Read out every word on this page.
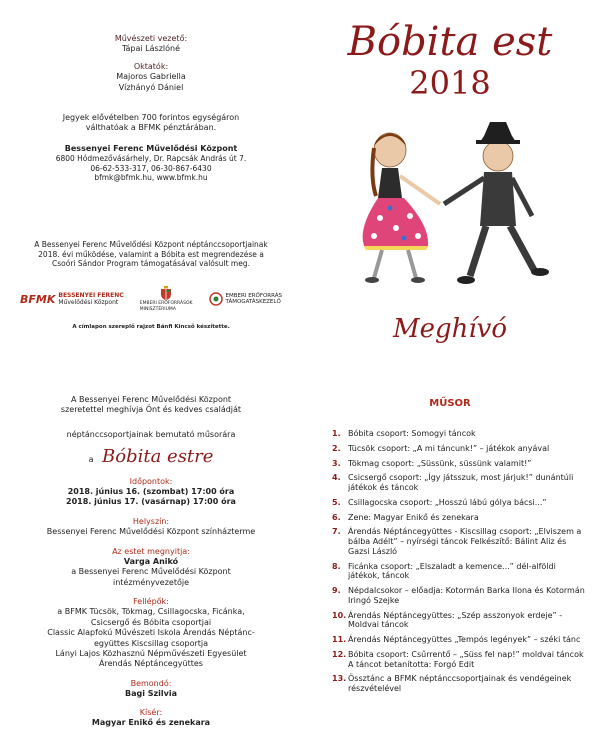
Művészeti vezető:
Tápai Lászlóné
Oktatók:
Majoros Gabriella
Vízhányó Dániel
Jegyek elővételben 700 forintos egységáron
válthatóak a BFMK pénztárában.
Bessenyei Ferenc Művelődési Központ
6800 Hódmezővásárhely, Dr. Rapcsák András út 7.
06-62-533-317, 06-30-867-6430
bfmk@bfmk.hu, www.bfmk.hu
A Bessenyei Ferenc Művelődési Központ néptánccsoportjainak 2018. évi működése, valamint a Bóbita est megrendezése a Csoóri Sándor Program támogatásával valósult meg.
BFMK BESSENYEI FERENC
Művelődési Központ	EMBERI ERŐFORRÁSOK
MINISZTÉRIUMA
EMBERI ERŐFORRÁS
TÁMOGATÁSKEZELŐ
A címlapon szereplő rajzot Bánfi Kincső készítette.
Bóbita est
2018
Meghívó
A Bessenyei Ferenc Művelődési Központ
szeretettel meghívja Önt és kedves családját
néptánccsoportjainak bemutató műsorára
a Bóbita estre
Időpontok:
2018. június 16. (szombat) 17:00 óra
2018. június 17. (vasárnap) 17:00 óra
Helyszín:
Bessenyei Ferenc Művelődési Központ színházterme
Az estet megnyitja:
Varga Anikó
a Bessenyei Ferenc Művelődési Központ
intézményvezetője
Fellépők:
a BFMK Tücsök, Tökmag, Csillagocska, Ficánka,
Csicsergő és Bóbita csoportjai
Classic Alapfokú Művészeti Iskola Árendás Néptánc-
együttes Kiscsillag csoportja
Lányi Lajos Közhasznú Népművészeti Egyesület
Árendás Néptáncegyüttes
Bemondó:
Bagi Szilvia
Kísér:
Magyar Enikő és zenekara
MŰSOR
1. Bóbita csoport: Somogyi táncok
2. Tücsök csoport: „A mi táncunk!” – játékok anyával
3. Tökmag csoport: „Süssünk, süssünk valamit!”
4. Csicsergő csoport: „Így játsszuk, most járjuk!” dunántúli játékok és táncok
5. Csillagocska csoport: „Hosszú lábú gólya bácsi...”
6. Zene: Magyar Enikő és zenekara
7. Árendás Néptáncegyüttes - Kiscsillag csoport: „Elviszem a bálba Adélt” – nyírségi táncok Felkészítő: Bálint Aliz és Gazsi László
8. Ficánka csoport: „Elszaladt a kemence...” dél-alföldi játékok, táncok
9. Népdalcsokor – előadja: Kotormán Barka Ilona és Kotormán Iringó Szejke
10. Árendás Néptáncegyüttes: „Szép asszonyok erdeje” - Moldvai táncok
11. Árendás Néptáncegyüttes „Tempós legények” – széki tánc
12. Bóbita csoport: Csűrrentő – „Süss fel nap!” moldvai táncok A táncot betanította: Forgó Edit
13. Össztánc a BFMK néptánccsoportjainak és vendégeinek részvételével
